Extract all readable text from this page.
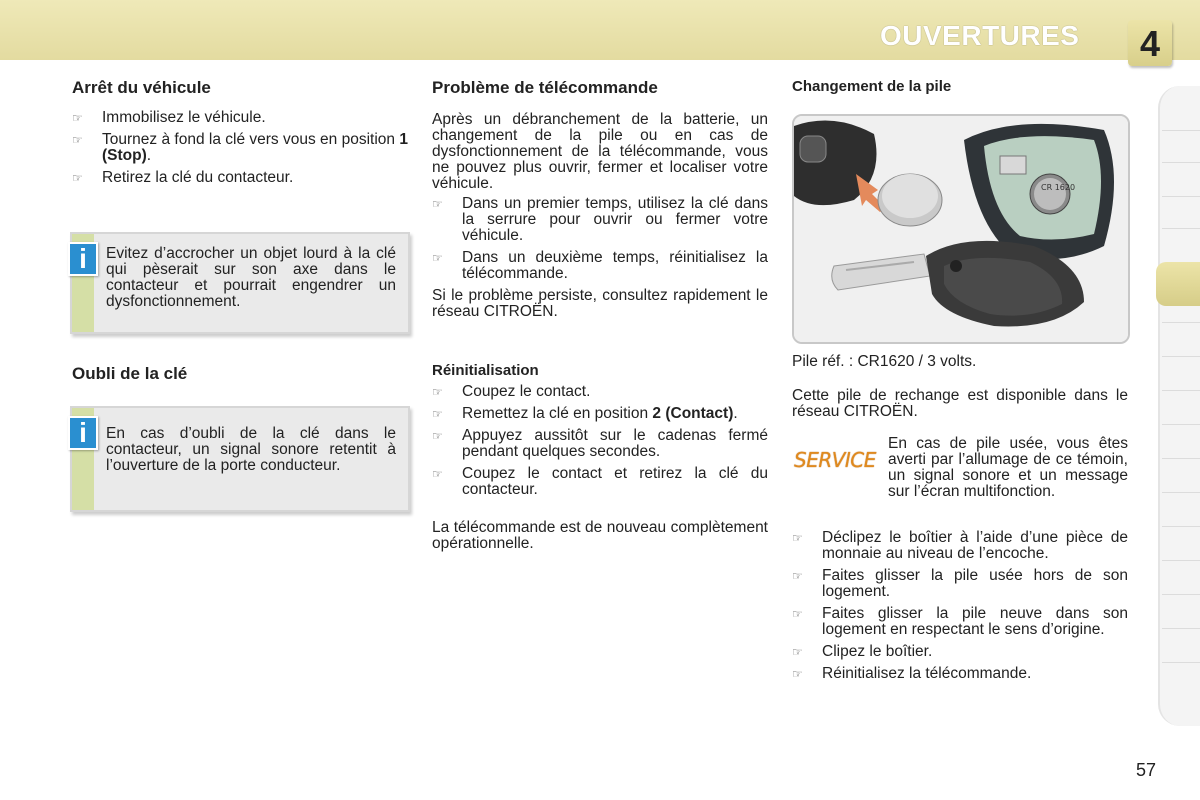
OUVERTURES	4
Arrêt du véhicule
☞ Immobilisez le véhicule.
☞ Tournez à fond la clé vers vous en position 1 (Stop).
☞ Retirez la clé du contacteur.
i	Evitez d’accrocher un objet lourd à la clé qui pèserait sur son axe dans le contacteur et pourrait engendrer un dysfonctionnement.

Oubli de la clé
i	En cas d’oubli de la clé dans le contacteur, un signal sonore retentit à l’ouverture de la porte conducteur.

Problème de télécommande

Après un débranchement de la batterie, un changement de la pile ou en cas de dysfonctionnement de la télécommande, vous ne pouvez plus ouvrir, fermer et localiser votre véhicule.

☞ Dans un premier temps, utilisez la clé dans la serrure pour ouvrir ou fermer votre véhicule.
☞ Dans un deuxième temps, réinitialisez la télécommande.

Si le problème persiste, consultez rapidement le réseau CITROËN.

Réinitialisation
☞ Coupez le contact.
☞ Remettez la clé en position 2 (Contact).
☞ Appuyez aussitôt sur le cadenas fermé pendant quelques secondes.
☞ Coupez le contact et retirez la clé du contacteur.

La télécommande est de nouveau complètement opérationnelle.

Changement de la pile
CR 1620

Pile réf. : CR1620 / 3 volts.

Cette pile de rechange est disponible dans le réseau CITROËN.

SERVICE

En cas de pile usée, vous êtes averti par l’allumage de ce témoin, un signal sonore et un message sur l’écran multifonction.

☞ Déclipez le boîtier à l’aide d’une pièce de monnaie au niveau de l’encoche.
☞ Faites glisser la pile usée hors de son logement.
☞ Faites glisser la pile neuve dans son logement en respectant le sens d’origine.
☞ Clipez le boîtier.
☞ Réinitialisez la télécommande.
57
